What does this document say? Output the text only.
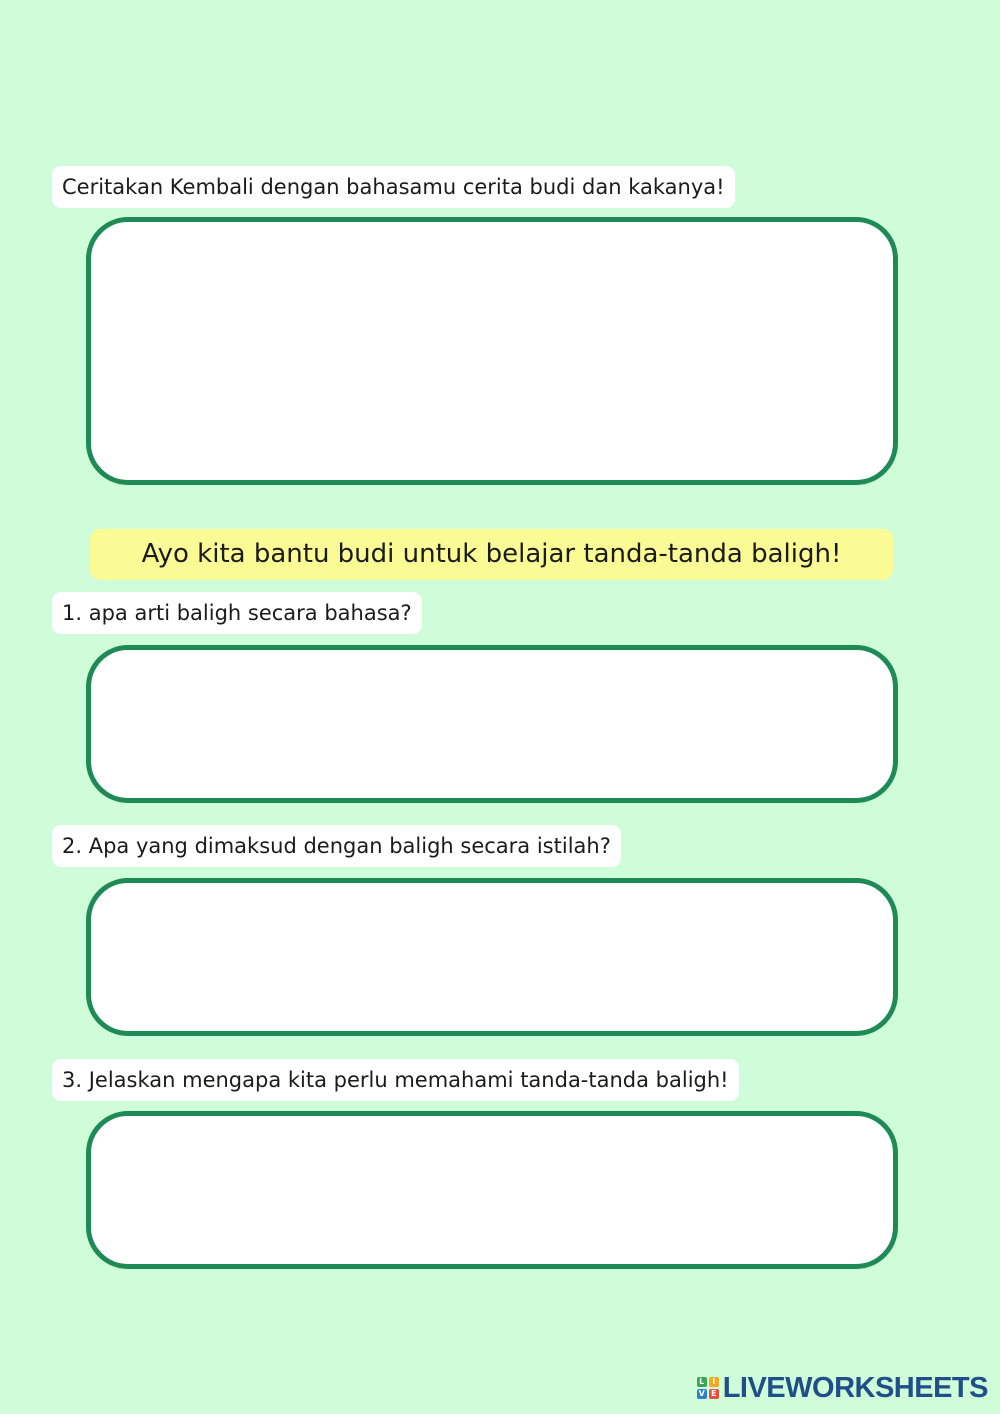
Ceritakan Kembali dengan bahasamu cerita budi dan kakanya!
Ayo kita bantu budi untuk belajar tanda-tanda baligh!
1. apa arti baligh secara bahasa?
2. Apa yang dimaksud dengan baligh secara istilah?
3. Jelaskan mengapa kita perlu memahami tanda-tanda baligh!
L I
V E LIVEWORKSHEETS
